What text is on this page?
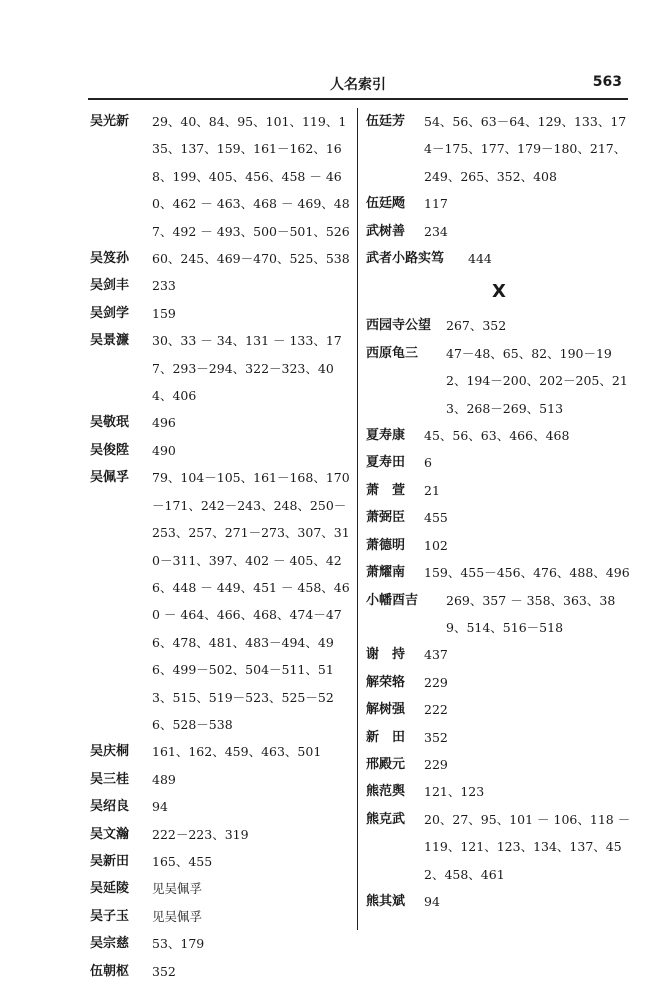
人名索引	563
吴光新 29、40、84、95、101、119、135、137、159、161－162、168、199、405、456、458 － 460、462 － 463、468 － 469、487、492 － 493、500－501、526
吴笈孙 60、245、469－470、525、538
吴剑丰 233
吴剑学 159
吴景濂 30、33 － 34、131 － 133、177、293－294、322－323、404、406
吴敬珉 496
吴俊陞 490
吴佩孚 79、104－105、161－168、170－171、242－243、248、250－253、257、271－273、307、310－311、397、402 － 405、426、448 － 449、451 － 458、460 － 464、466、468、474－476、478、481、483－494、496、499－502、504－511、513、515、519－523、525－526、528－538
吴庆桐 161、162、459、463、501
吴三桂 489
吴绍良 94
吴文瀚 222－223、319
吴新田 165、455
吴延陵 见吴佩孚
吴子玉 见吴佩孚
吴宗慈 53、179
伍朝枢 352
伍廷芳 54、56、63－64、129、133、174－175、177、179－180、217、249、265、352、408
伍廷飏 117
武树善 234
武者小路实笃 444
X
西园寺公望 267、352
西原龟三 47－48、65、82、190－192、194－200、202－205、213、268－269、513
夏寿康 45、56、63、466、468
夏寿田 6
萧　萱 21
萧弼臣 455
萧德明 102
萧耀南 159、455－456、476、488、496
小幡酉吉 269、357 － 358、363、389、514、516－518
谢　持 437
解荣辂 229
解树强 222
新　田 352
邢殿元 229
熊范舆 121、123
熊克武 20、27、95、101 － 106、118 － 119、121、123、134、137、452、458、461
熊其斌 94
